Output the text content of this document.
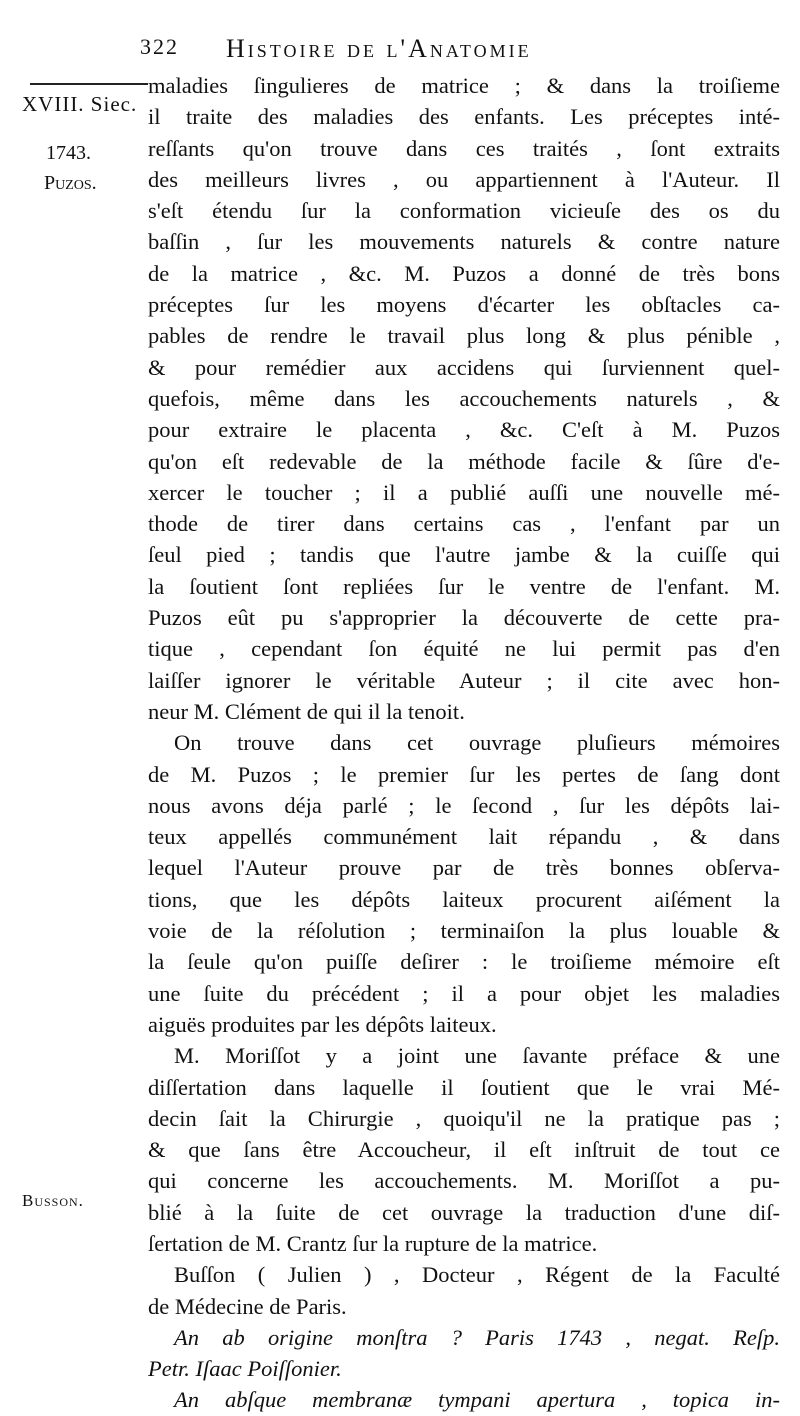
322 Histoire de l'Anatomie
XVIII. Siec.
1743.
Puzos.
Busson.
maladies ſingulieres de matrice ; & dans la troiſieme
il traite des maladies des enfants. Les préceptes inté-
reſſants qu'on trouve dans ces traités , ſont extraits
des meilleurs livres , ou appartiennent à l'Auteur. Il
s'eſt étendu ſur la conformation vicieuſe des os du
baſſin , ſur les mouvements naturels & contre nature
de la matrice , &c. M. Puzos a donné de très bons
préceptes ſur les moyens d'écarter les obſtacles ca-
pables de rendre le travail plus long & plus pénible ,
& pour remédier aux accidens qui ſurviennent quel-
quefois, même dans les accouchements naturels , &
pour extraire le placenta , &c. C'eſt à M. Puzos
qu'on eſt redevable de la méthode facile & ſûre d'e-
xercer le toucher ; il a publié auſſi une nouvelle mé-
thode de tirer dans certains cas , l'enfant par un
ſeul pied ; tandis que l'autre jambe & la cuiſſe qui
la ſoutient ſont repliées ſur le ventre de l'enfant. M.
Puzos eût pu s'approprier la découverte de cette pra-
tique , cependant ſon équité ne lui permit pas d'en
laiſſer ignorer le véritable Auteur ; il cite avec hon-
neur M. Clément de qui il la tenoit.
On trouve dans cet ouvrage pluſieurs mémoires
de M. Puzos ; le premier ſur les pertes de ſang dont
nous avons déja parlé ; le ſecond , ſur les dépôts lai-
teux appellés communément lait répandu , & dans
lequel l'Auteur prouve par de très bonnes obſerva-
tions, que les dépôts laiteux procurent aiſément la
voie de la réſolution ; terminaiſon la plus louable &
la ſeule qu'on puiſſe deſirer : le troiſieme mémoire eſt
une ſuite du précédent ; il a pour objet les maladies
aiguës produites par les dépôts laiteux.
M. Moriſſot y a joint une ſavante préface & une
diſſertation dans laquelle il ſoutient que le vrai Mé-
decin ſait la Chirurgie , quoiqu'il ne la pratique pas ;
& que ſans être Accoucheur, il eſt inſtruit de tout ce
qui concerne les accouchements. M. Moriſſot a pu-
blié à la ſuite de cet ouvrage la traduction d'une diſ-
ſertation de M. Crantz ſur la rupture de la matrice.
Buſſon ( Julien ) , Docteur , Régent de la Faculté
de Médecine de Paris.
An ab origine monſtra ? Paris 1743 , negat. Reſp.
Petr. Iſaac Poiſſonier.
An abſque membranæ tympani apertura , topica in-
